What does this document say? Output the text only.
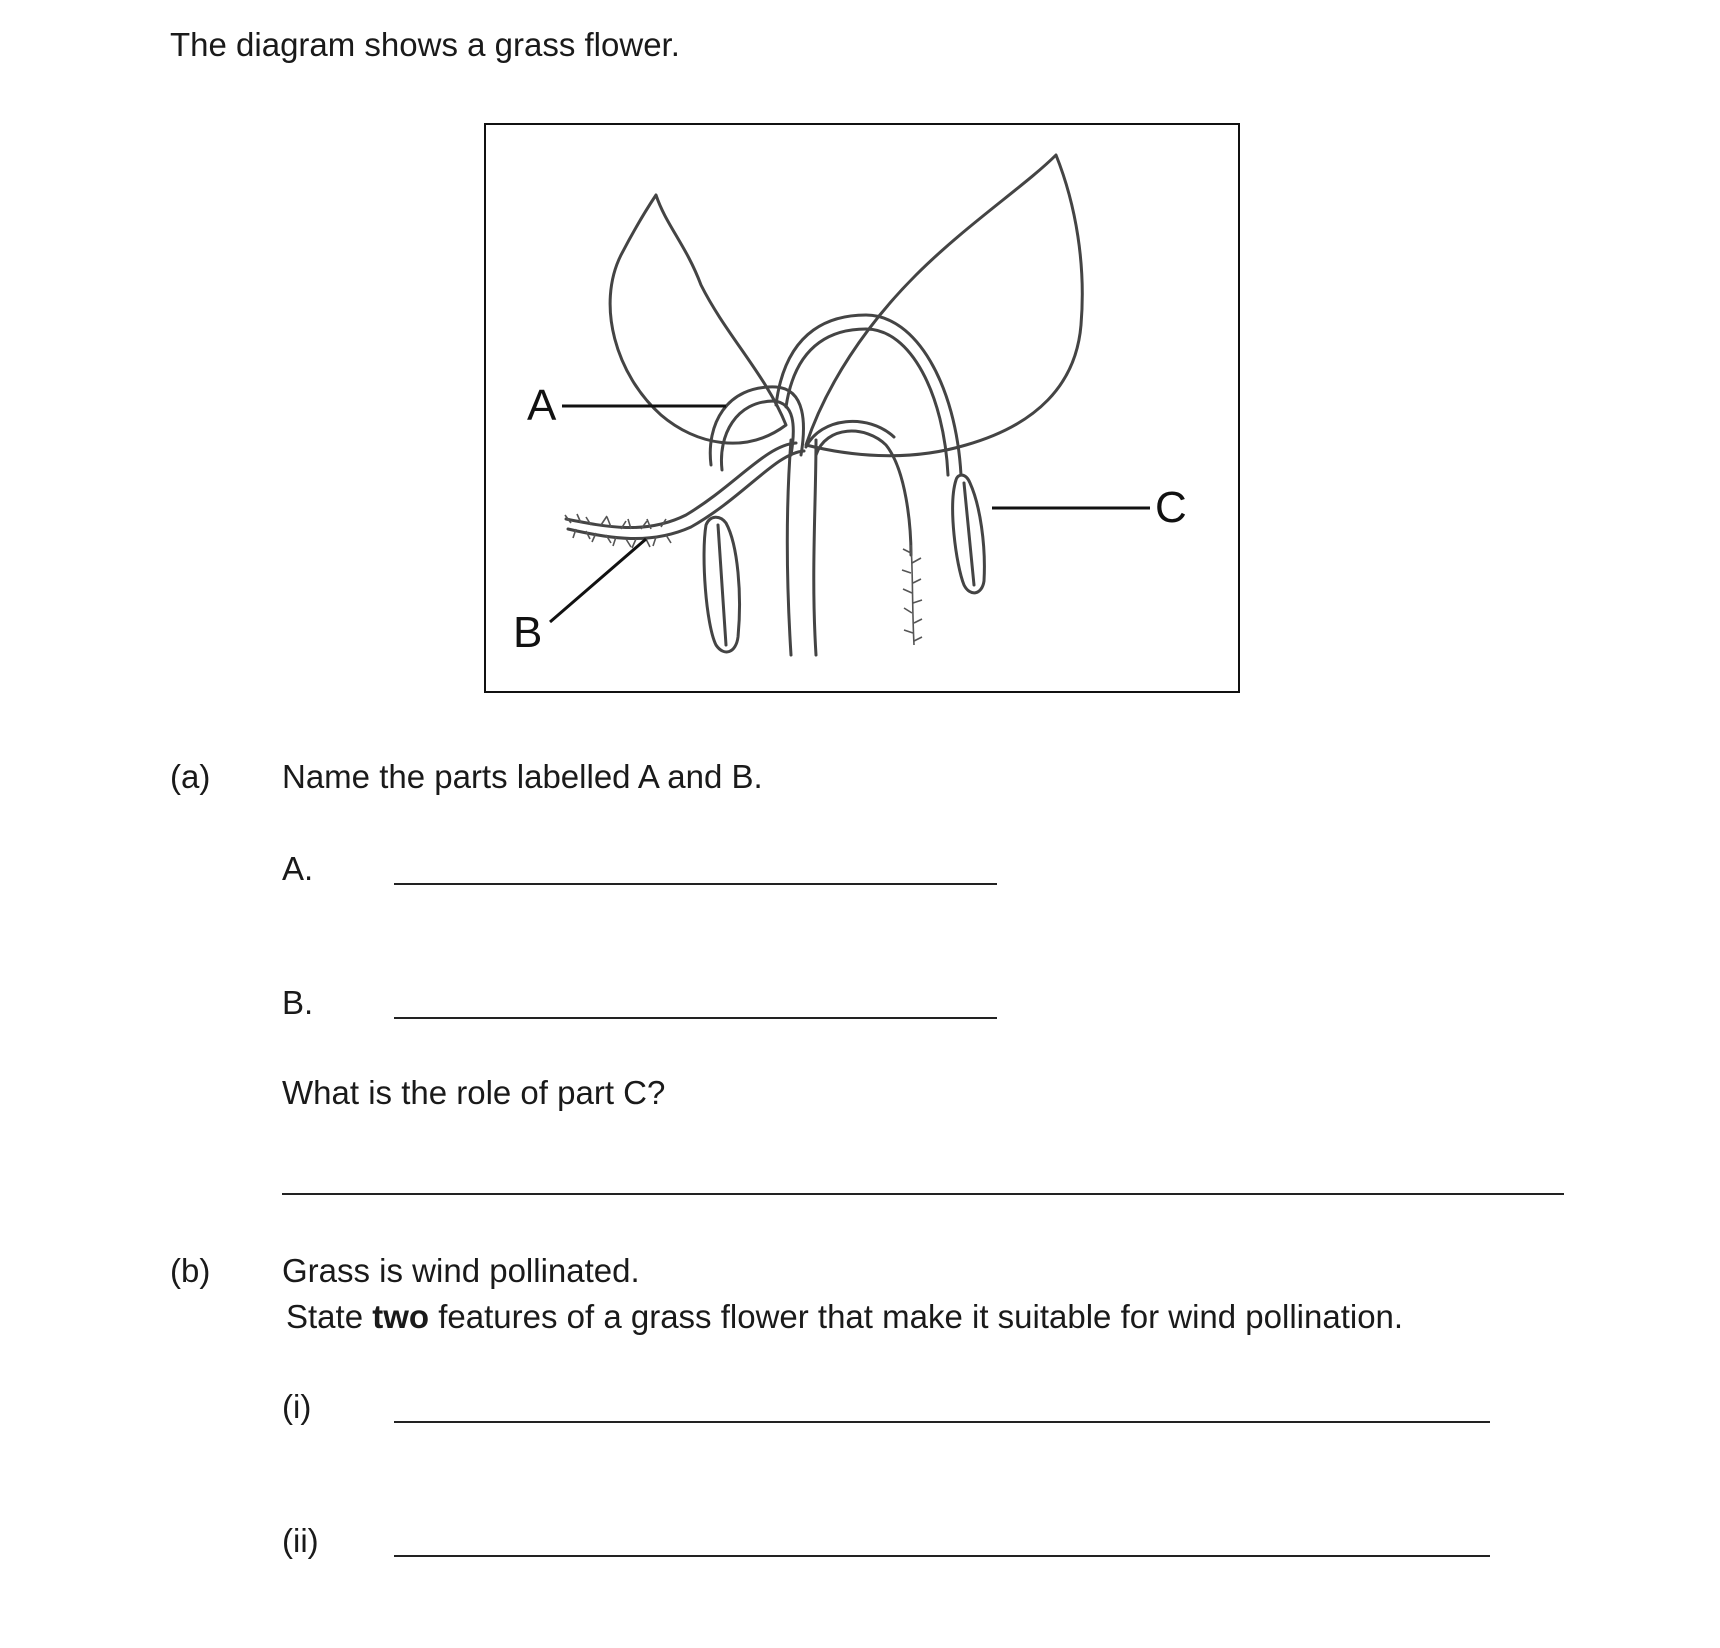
The diagram shows a grass flower.
A
B
C
(a) Name the parts labelled A and B.
A.
B.
What is the role of part C?
(b) Grass is wind pollinated.
State two features of a grass flower that make it suitable for wind pollination.
(i)
(ii)
